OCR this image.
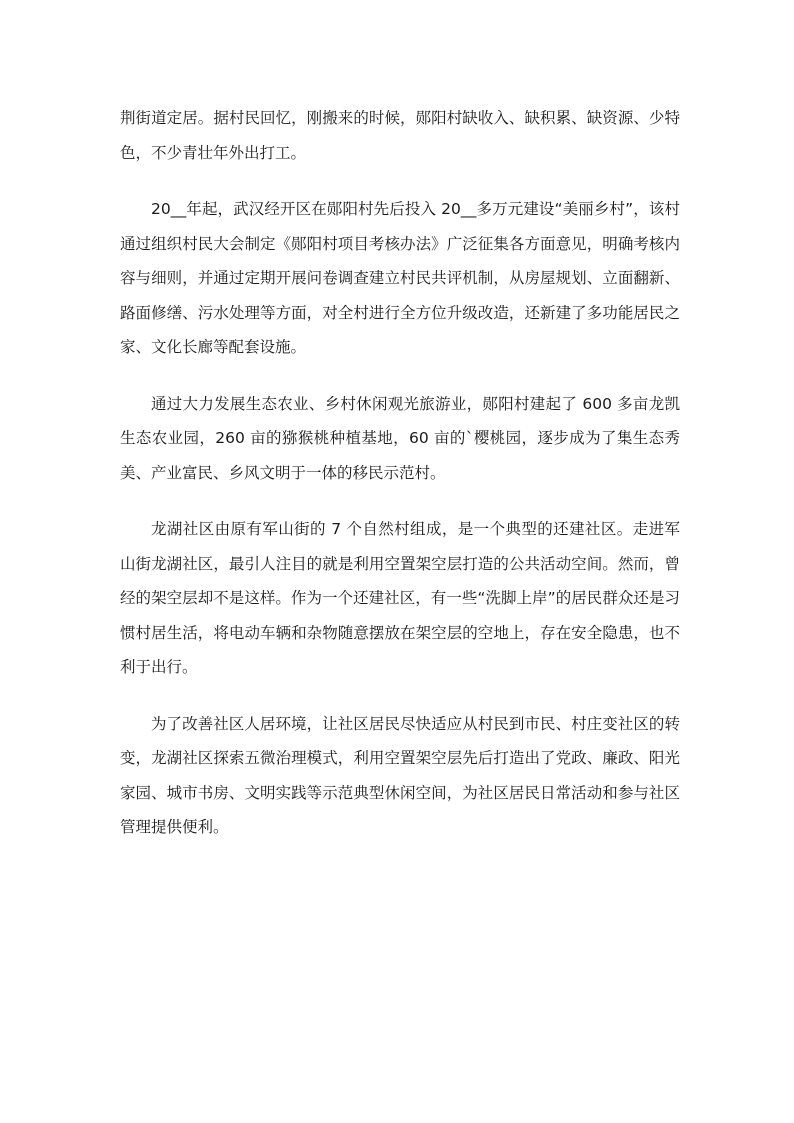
荆街道定居。据村民回忆，刚搬来的时候，郧阳村缺收入、缺积累、缺资源、少特色，不少青壮年外出打工。

20__年起，武汉经开区在郧阳村先后投入 20__多万元建设“美丽乡村”，该村通过组织村民大会制定《郧阳村项目考核办法》广泛征集各方面意见，明确考核内容与细则，并通过定期开展问卷调查建立村民共评机制，从房屋规划、立面翻新、路面修缮、污水处理等方面，对全村进行全方位升级改造，还新建了多功能居民之家、文化长廊等配套设施。

通过大力发展生态农业、乡村休闲观光旅游业，郧阳村建起了 600 多亩龙凯生态农业园，260 亩的猕猴桃种植基地，60 亩的`樱桃园，逐步成为了集生态秀美、产业富民、乡风文明于一体的移民示范村。

龙湖社区由原有军山街的 7 个自然村组成，是一个典型的还建社区。走进军山街龙湖社区，最引人注目的就是利用空置架空层打造的公共活动空间。然而，曾经的架空层却不是这样。作为一个还建社区，有一些“洗脚上岸”的居民群众还是习惯村居生活，将电动车辆和杂物随意摆放在架空层的空地上，存在安全隐患，也不利于出行。

为了改善社区人居环境，让社区居民尽快适应从村民到市民、村庄变社区的转变，龙湖社区探索五微治理模式，利用空置架空层先后打造出了党政、廉政、阳光家园、城市书房、文明实践等示范典型休闲空间，为社区居民日常活动和参与社区管理提供便利。
